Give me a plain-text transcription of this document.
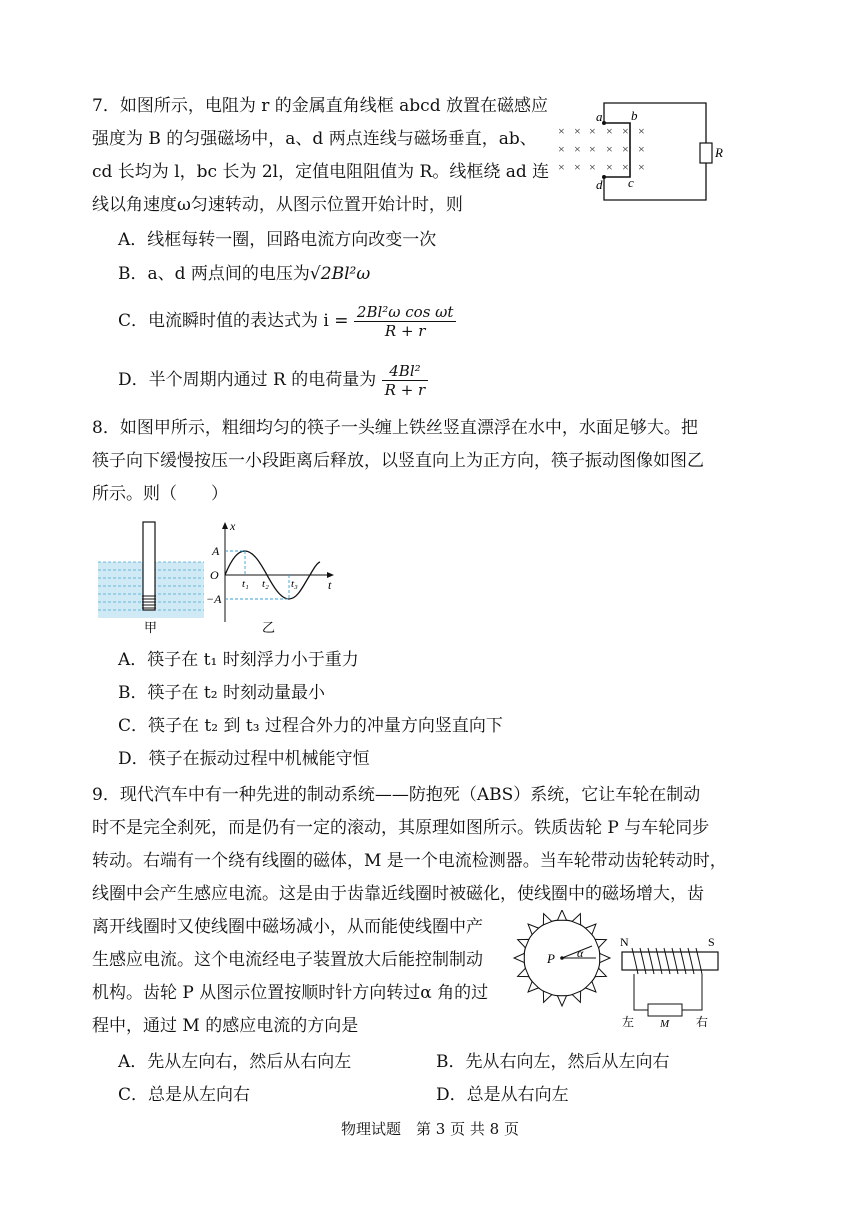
7．如图所示，电阻为 r 的金属直角线框 abcd 放置在磁感应
强度为 B 的匀强磁场中，a、d 两点连线与磁场垂直，ab、
cd 长均为 l，bc 长为 2l，定值电阻阻值为 R。线框绕 ad 连
线以角速度ω匀速转动，从图示位置开始计时，则
A．线框每转一圈，回路电流方向改变一次
B．a、d 两点间的电压为√2Bl²ω
C．电流瞬时值的表达式为 $i = \frac{\text{2Bl²ω cos ωt}}{R + r}$
D．半个周期内通过 R 的电荷量为 $\frac{\text{4Bl²}}{R + r}$
× × × × × ×
× × × × × ×
× × × × × ×
a b
d c
R
8．如图甲所示，粗细均匀的筷子一头缠上铁丝竖直漂浮在水中，水面足够大。把
筷子向下缓慢按压一小段距离后释放，以竖直向上为正方向，筷子振动图像如图乙
所示。则（　　）
甲
x
t
A
O
−A
t₁ t₂ t₃
乙
A．筷子在 t₁ 时刻浮力小于重力
B．筷子在 t₂ 时刻动量最小
C．筷子在 t₂ 到 t₃ 过程合外力的冲量方向竖直向下
D．筷子在振动过程中机械能守恒
9．现代汽车中有一种先进的制动系统——防抱死（ABS）系统，它让车轮在制动
时不是完全刹死，而是仍有一定的滚动，其原理如图所示。铁质齿轮 P 与车轮同步
转动。右端有一个绕有线圈的磁体，M 是一个电流检测器。当车轮带动齿轮转动时，
线圈中会产生感应电流。这是由于齿靠近线圈时被磁化，使线圈中的磁场增大，齿
离开线圈时又使线圈中磁场减小，从而能使线圈中产
生感应电流。这个电流经电子装置放大后能控制制动
机构。齿轮 P 从图示位置按顺时针方向转过α 角的过
程中，通过 M 的感应电流的方向是
P α
N	S
M
左	右
A．先从左向右，然后从右向左	B．先从右向左，然后从左向右
C．总是从左向右	D．总是从右向左
物理试题　第 3 页 共 8 页
